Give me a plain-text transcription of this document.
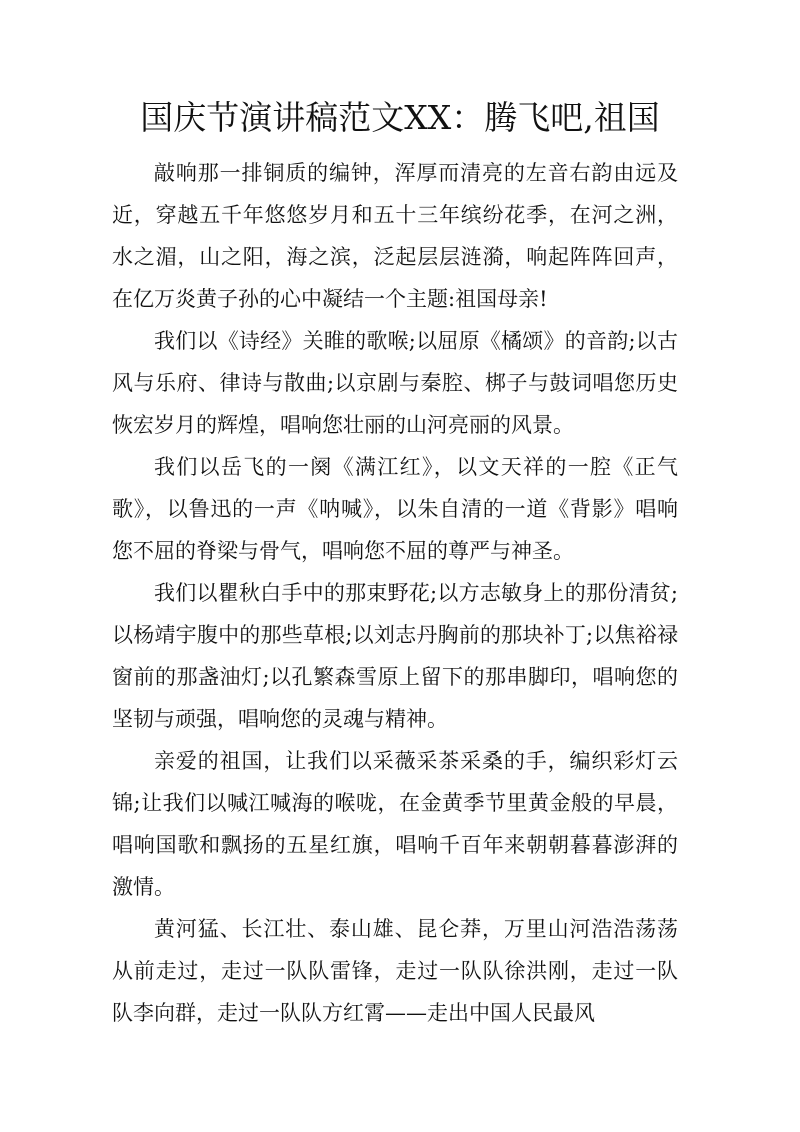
国庆节演讲稿范文XX：腾飞吧,祖国

敲响那一排铜质的编钟，浑厚而清亮的左音右韵由远及近，穿越五千年悠悠岁月和五十三年缤纷花季，在河之洲，水之湄，山之阳，海之滨，泛起层层涟漪，响起阵阵回声，在亿万炎黄子孙的心中凝结一个主题:祖国母亲!

我们以《诗经》关睢的歌喉;以屈原《橘颂》的音韵;以古风与乐府、律诗与散曲;以京剧与秦腔、梆子与鼓词唱您历史恢宏岁月的辉煌，唱响您壮丽的山河亮丽的风景。

我们以岳飞的一阕《满江红》，以文天祥的一腔《正气歌》，以鲁迅的一声《呐喊》，以朱自清的一道《背影》唱响您不屈的脊梁与骨气，唱响您不屈的尊严与神圣。

我们以瞿秋白手中的那束野花;以方志敏身上的那份清贫;以杨靖宇腹中的那些草根;以刘志丹胸前的那块补丁;以焦裕禄窗前的那盏油灯;以孔繁森雪原上留下的那串脚印，唱响您的坚韧与顽强，唱响您的灵魂与精神。

亲爱的祖国，让我们以采薇采茶采桑的手，编织彩灯云锦;让我们以喊江喊海的喉咙，在金黄季节里黄金般的早晨，唱响国歌和飘扬的五星红旗，唱响千百年来朝朝暮暮澎湃的激情。

黄河猛、长江壮、泰山雄、昆仑莽，万里山河浩浩荡荡从前走过，走过一队队雷锋，走过一队队徐洪刚，走过一队队李向群，走过一队队方红霄——走出中国人民最风
